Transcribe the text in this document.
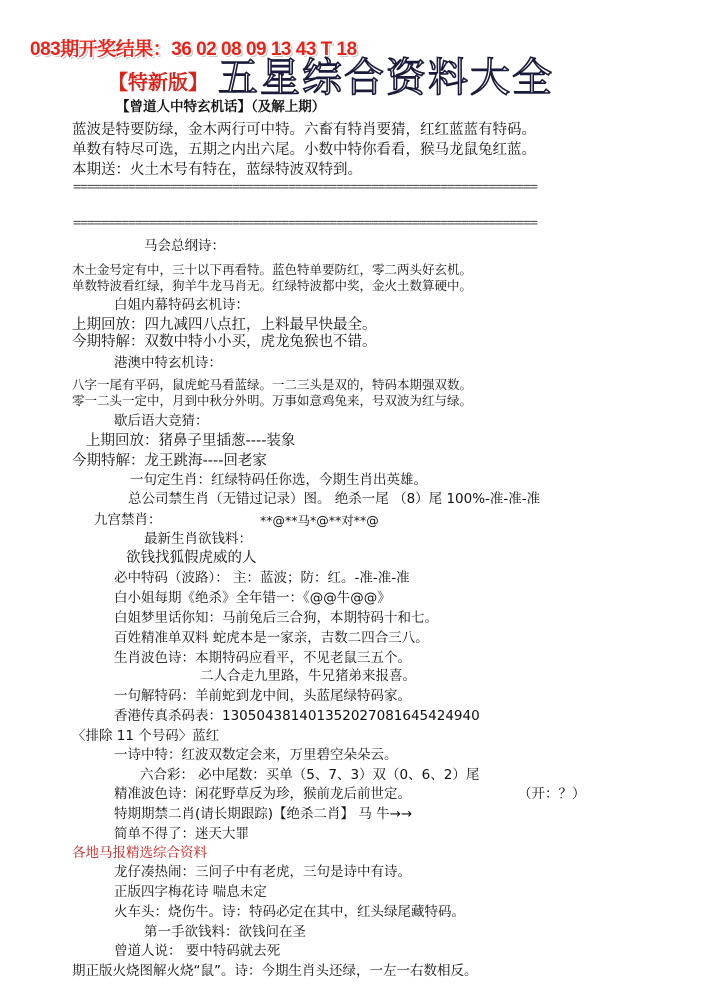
083期开奖结果：36 02 08 09 13 43 T 18
【特新版】 五星综合资料大全
【曾道人中特玄机话】（及解上期）
蓝波是特要防绿，金木两行可中特。六畜有特肖要猜，红红蓝蓝有特码。
单数有特尽可选，五期之内出六尾。小数中特你看看，猴马龙鼠兔红蓝。
本期送：火土木号有特在，蓝绿特波双特到。
===================================================================
===================================================================
马会总纲诗：
木土金号定有中，三十以下再看特。蓝色特单要防红，零二两头好玄机。
单数特波看红绿，狗羊牛龙马肖无。红绿特波都中奖，金火土数算硬中。
白姐内幕特码玄机诗：
上期回放：四九减四八点扛，上料最早快最全。
今期特解：双数中特小小买，虎龙兔猴也不错。
港澳中特玄机诗：
八字一尾有平码，鼠虎蛇马看蓝绿。一二三头是双的，特码本期强双数。
零一二头一定中，月到中秋分外明。万事如意鸡兔来，号双波为红与绿。
歇后语大竞猜：
上期回放：猪鼻子里插葱----装象
今期特解：龙王跳海----回老家
一句定生肖：红绿特码任你选，今期生肖出英雄。
总公司禁生肖（无错过记录）图。 绝杀一尾 （8）尾 100%-准-准-准
九宫禁肖：	**@**马*@**对**@
最新生肖欲钱料：
欲钱找狐假虎威的人
必中特码（波路）： 主：蓝波；防：红。-准-准-准
白小姐每期《绝杀》全年错一：《@@牛@@》
白姐梦里话你知：马前兔后三合狗，本期特码十和七。
百姓精准单双料 蛇虎本是一家亲，吉数二四合三八。
生肖波色诗：本期特码应看平，不见老鼠三五个。
二人合走九里路，牛兄猪弟来报喜。
一句解特码：羊前蛇到龙中间，头蓝尾绿特码家。
香港传真杀码表：13050438140135202708164542494​0
〈排除 11 个号码〉蓝红
一诗中特：红波双数定会来，万里碧空朵朵云。
六合彩： 必中尾数：买单（5、7、3）双（0、6、2）尾
精准波色诗：闲花野草反为珍，猴前龙后前世定。	（开：？）
特期期禁二肖(请长期跟踪)【绝杀二肖】 马 牛→→
简单不得了：迷天大罪
各地马报精选综合资料
龙仔凑热闹：三问子中有老虎，三句是诗中有诗。
正版四字梅花诗 喘息未定
火车头：烧伤牛。诗：特码必定在其中，红头绿尾藏特码。
第一手欲钱料：欲钱问在圣
曾道人说： 要中特码就去死
期正版火烧图解火烧“鼠”。诗：今期生肖头还绿，一左一右数相反。
